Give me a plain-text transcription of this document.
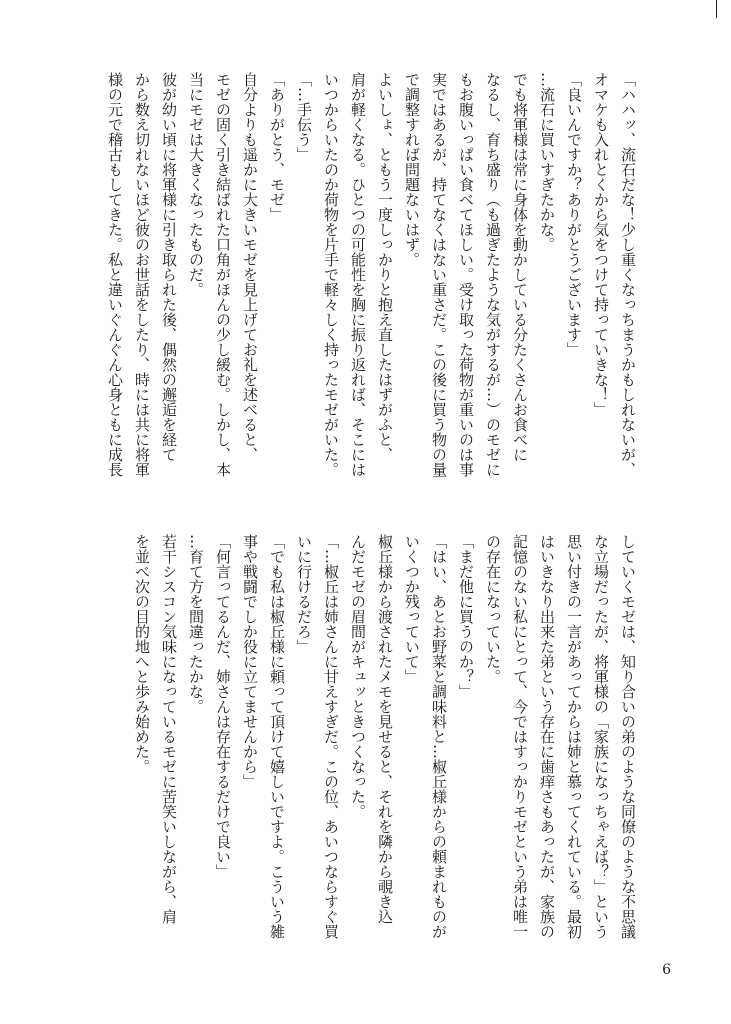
「ハハッ、流石だな！少し重くなっちまうかもしれないが、

オマケも入れとくから気をつけて持っていきな！」

「良いんですか？ありがとうございます」

…流石に買いすぎたかな。

でも将軍様は常に身体を動かしている分たくさんお食べに

なるし、育ち盛り（も過ぎたような気がするが…）のモゼに

もお腹いっぱい食べてほしい。受け取った荷物が重いのは事

実ではあるが、持てなくはない重さだ。この後に買う物の量

で調整すれば問題ないはず。

よいしょ、ともう一度しっかりと抱え直したはずがふと、

肩が軽くなる。ひとつの可能性を胸に振り返れば、そこには

いつからいたのか荷物を片手で軽々しく持ったモゼがいた。

「…手伝う」

「ありがとう、モゼ」

自分よりも遥かに大きいモゼを見上げてお礼を述べると、

モゼの固く引き結ばれた口角がほんの少し緩む。しかし、本

当にモゼは大きくなったものだ。

彼が幼い頃に将軍様に引き取られた後、偶然の邂逅を経て

から数え切れないほど彼のお世話をしたり、時には共に将軍

様の元で稽古もしてきた。私と違いぐんぐん心身ともに成長

していくモゼは、知り合いの弟のような同僚のような不思議

な立場だったが、将軍様の「家族になっちゃえば？」という

思い付きの一言があってからは姉と慕ってくれている。最初

はいきなり出来た弟という存在に歯痒さもあったが、家族の

記憶のない私にとって、今ではすっかりモゼという弟は唯一

の存在になっていた。

「まだ他に買うのか？」

「はい、あとお野菜と調味料と…椒丘様からの頼まれものが

いくつか残っていて」

椒丘様から渡されたメモを見せると、それを隣から覗き込

んだモゼの眉間がキュッときつくなった。

「…椒丘は姉さんに甘えすぎだ。この位、あいつならすぐ買

いに行けるだろ」

「でも私は椒丘様に頼って頂けて嬉しいですよ。こういう雑

事や戦闘でしか役に立てませんから」

「何言ってるんだ、姉さんは存在するだけで良い」

…育て方を間違ったかな。

若干シスコン気味になっているモゼに苦笑いしながら、肩

を並べ次の目的地へと歩み始めた。

6
